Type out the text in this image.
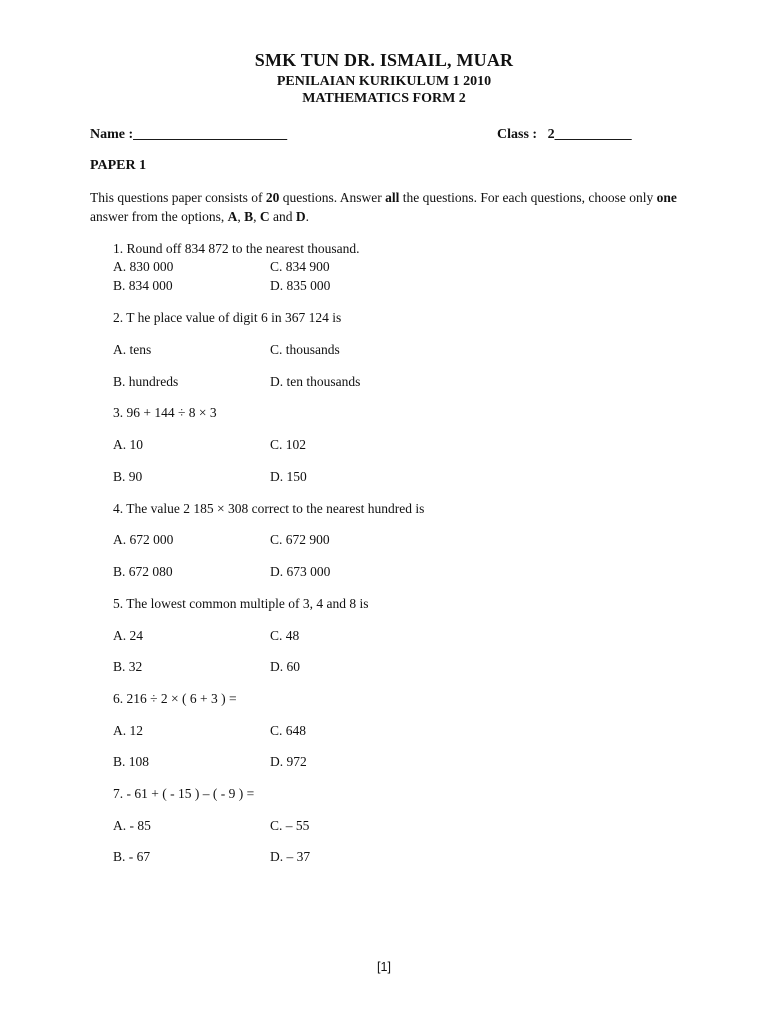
SMK TUN DR. ISMAIL, MUAR
PENILAIAN KURIKULUM 1 2010
MATHEMATICS FORM 2
Name :______________________	Class : 2___________
PAPER 1
This questions paper consists of 20 questions. Answer all the questions. For each questions, choose only one
answer from the options, A, B, C and D.
1. Round off 834 872 to the nearest thousand.
A. 830 000	C. 834 900
B. 834 000	D. 835 000
2. T he place value of digit 6 in 367 124 is
A. tens	C. thousands
B. hundreds	D. ten thousands
3. 96 + 144 ÷ 8 × 3
A. 10	C. 102
B. 90	D. 150
4. The value 2 185 × 308 correct to the nearest hundred is
A. 672 000	C. 672 900
B. 672 080	D. 673 000
5. The lowest common multiple of 3, 4 and 8 is
A. 24	C. 48
B. 32	D. 60
6. 216 ÷ 2 × ( 6 + 3 ) =
A. 12	C. 648
B. 108	D. 972
7. - 61 + ( - 15 ) – ( - 9 ) =
A. - 85	C. – 55
B. - 67	D. – 37
[1]
